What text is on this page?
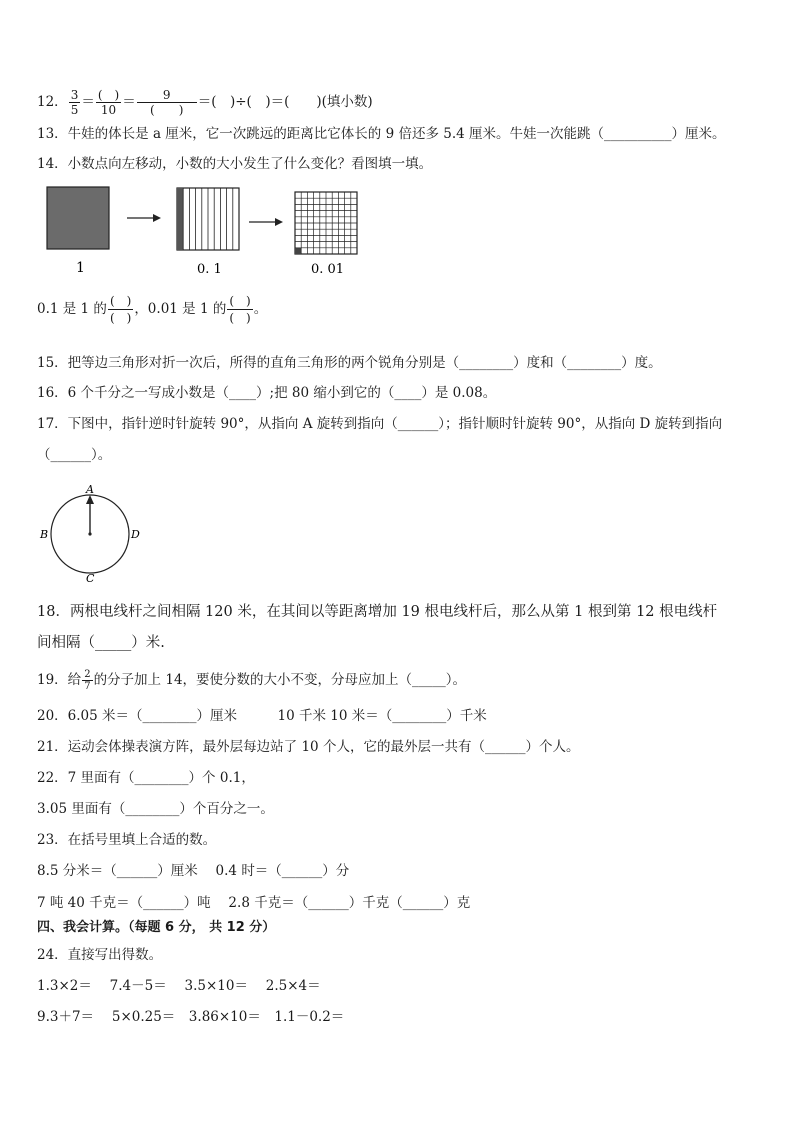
12． $\frac{3}{5} = \frac{( )}{10} = \frac{9}{( )}$ ＝(　)÷(　)＝(　　)(填小数)
13．牛娃的体长是 a 厘米，它一次跳远的距离比它体长的 9 倍还多 5.4 厘米。牛娃一次能跳（__________）厘米。
14．小数点向左移动，小数的大小发生了什么变化？看图填一填。
1	0. 1	0. 01
0.1 是 1 的 $\frac{( )}{( )}$ ，0.01 是 1 的 $\frac{( )}{( )}$ 。
15．把等边三角形对折一次后，所得的直角三角形的两个锐角分别是（________）度和（________）度。
16．6 个千分之一写成小数是（____）;把 80 缩小到它的（____）是 0.08。
17．下图中，指针逆时针旋转 90°，从指向 A 旋转到指向（______）；指针顺时针旋转 90°，从指向 D 旋转到指向
（______）。
A
B
C
D
18．两根电线杆之间相隔 120 米，在其间以等距离增加 19 根电线杆后，那么从第 1 根到第 12 根电线杆
间相隔（_____）米.
19．给 $\frac{2}{7}$ 的分子加上 14，要使分数的大小不变，分母应加上（_____）。
20．6.05 米＝（________）厘米　　　10 千米 10 米＝（________）千米
21．运动会体操表演方阵，最外层每边站了 10 个人，它的最外层一共有（______）个人。
22．7 里面有（________）个 0.1，
3.05 里面有（________）个百分之一。
23．在括号里填上合适的数。
8.5 分米＝（______）厘米　 0.4 时＝（______）分
7 吨 40 千克＝（______）吨　 2.8 千克＝（______）千克（______）克
四、我会计算。（每题 6 分， 共 12 分）
24．直接写出得数。
1.3×2＝　 7.4－5＝　 3.5×10＝　 2.5×4＝
9.3＋7＝　 5×0.25＝　3.86×10＝　1.1－0.2＝
